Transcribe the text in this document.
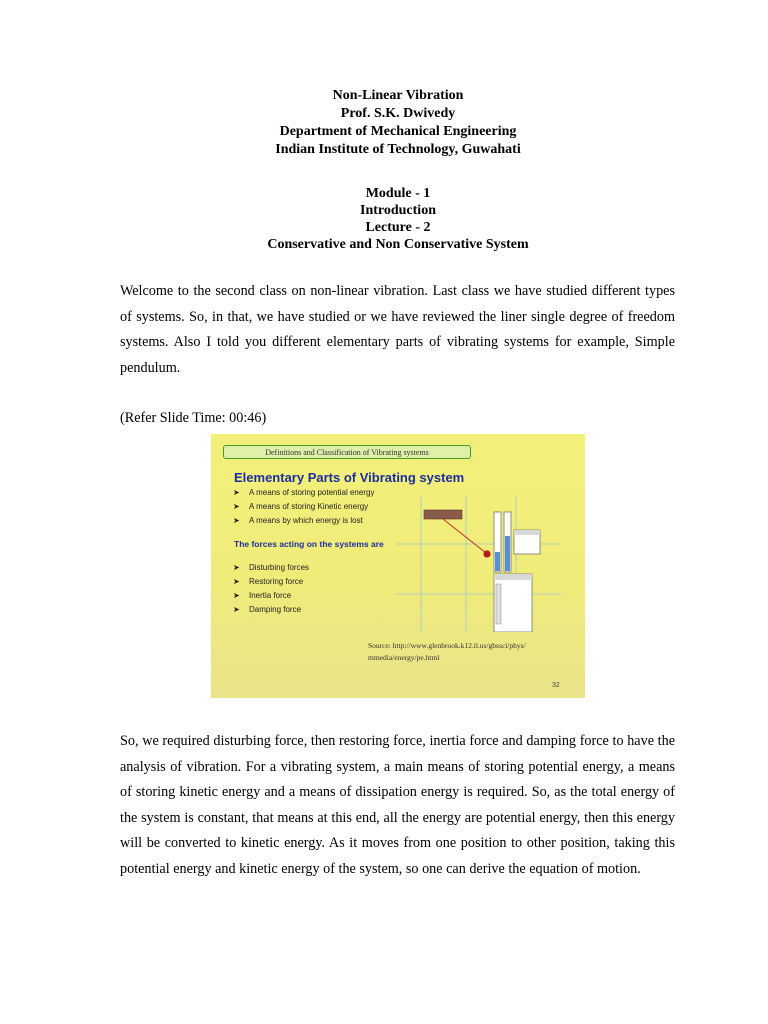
Non-Linear Vibration
Prof. S.K. Dwivedy
Department of Mechanical Engineering
Indian Institute of Technology, Guwahati
Module - 1
Introduction
Lecture - 2
Conservative and Non Conservative System

Welcome to the second class on non-linear vibration. Last class we have studied different types of systems. So, in that, we have studied or we have reviewed the liner single degree of freedom systems. Also I told you different elementary parts of vibrating systems for example, Simple pendulum.

(Refer Slide Time: 00:46)
Definitions and Classification of Vibrating systems
Elementary Parts of Vibrating system
➤ A means of storing potential energy
➤ A means of storing Kinetic energy
➤ A means by which energy is lost
The forces acting on the systems are
➤ Disturbing forces
➤ Restoring force
➤ Inertia force
➤ Damping force
Source: http://www.glenbrook.k12.il.us/gbssci/phys/
mmedia/energy/pe.html
32

So, we required disturbing force, then restoring force, inertia force and damping force to have the analysis of vibration. For a vibrating system, a main means of storing potential energy, a means of storing kinetic energy and a means of dissipation energy is required. So, as the total energy of the system is constant, that means at this end, all the energy are potential energy, then this energy will be converted to kinetic energy. As it moves from one position to other position, taking this potential energy and kinetic energy of the system, so one can derive the equation of motion.
